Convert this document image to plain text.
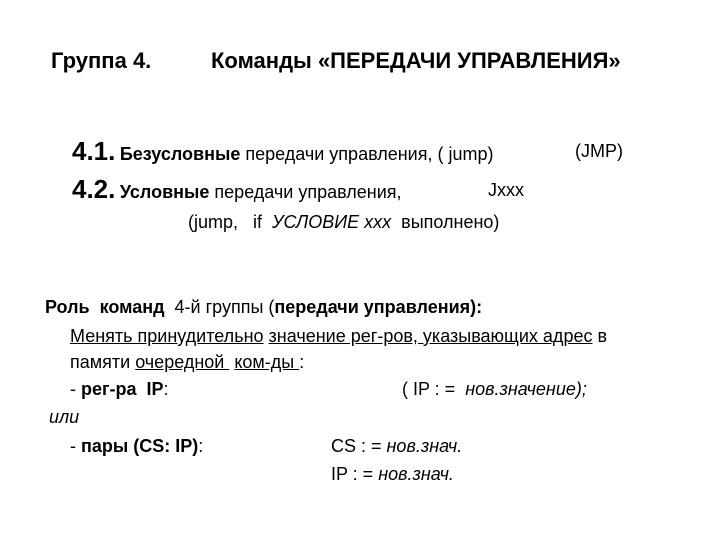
Группа 4.	Команды «ПЕРЕДАЧИ УПРАВЛЕНИЯ»
4.1. Безусловные передачи управления, ( jump)	(JMP)
4.2. Условные передачи управления,	Jxxx
(jump,   if  УСЛОВИЕ xxx  выполнено)
Роль  команд  4-й группы (передачи управления):
Менять принудительно значение рег-ров, указывающих адрес в
памяти очередной  ком-ды :
- рег-ра  IP:	( IP : =  нов.значение);
или
- пары (CS: IP):	CS : = нов.знач.
IP : = нов.знач.
